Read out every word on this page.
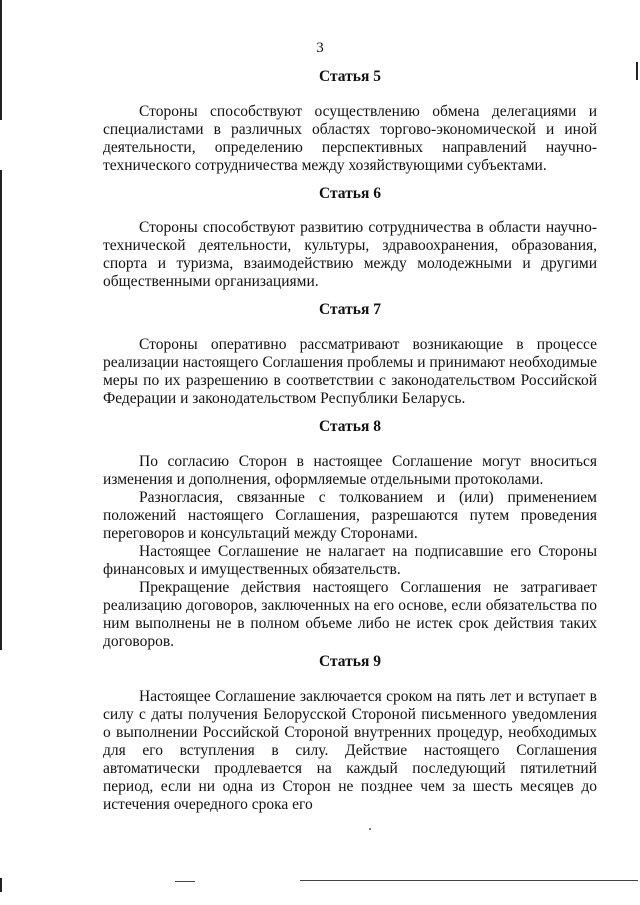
3
Статья 5

Стороны способствуют осуществлению обмена делегациями и специалистами в различных областях торгово-экономической и иной деятельности, определению перспективных направлений научно-технического сотрудничества между хозяйствующими субъектами.

Статья 6

Стороны способствуют развитию сотрудничества в области научно-технической деятельности, культуры, здравоохранения, образования, спорта и туризма, взаимодействию между молодежными и другими общественными организациями.

Статья 7

Стороны оперативно рассматривают возникающие в процессе реализации настоящего Соглашения проблемы и принимают необходимые меры по их разрешению в соответствии с законодательством Российской Федерации и законодательством Республики Беларусь.

Статья 8

По согласию Сторон в настоящее Соглашение могут вноситься изменения и дополнения, оформляемые отдельными протоколами.

Разногласия, связанные с толкованием и (или) применением положений настоящего Соглашения, разрешаются путем проведения переговоров и консультаций между Сторонами.

Настоящее Соглашение не налагает на подписавшие его Стороны финансовых и имущественных обязательств.

Прекращение действия настоящего Соглашения не затрагивает реализацию договоров, заключенных на его основе, если обязательства по ним выполнены не в полном объеме либо не истек срок действия таких договоров.

Статья 9

Настоящее Соглашение заключается сроком на пять лет и вступает в силу с даты получения Белорусской Стороной письменного уведомления о выполнении Российской Стороной внутренних процедур, необходимых для его вступления в силу. Действие настоящего Соглашения автоматически продлевается на каждый последующий пятилетний период, если ни одна из Сторон не позднее чем за шесть месяцев до истечения очередного срока его
